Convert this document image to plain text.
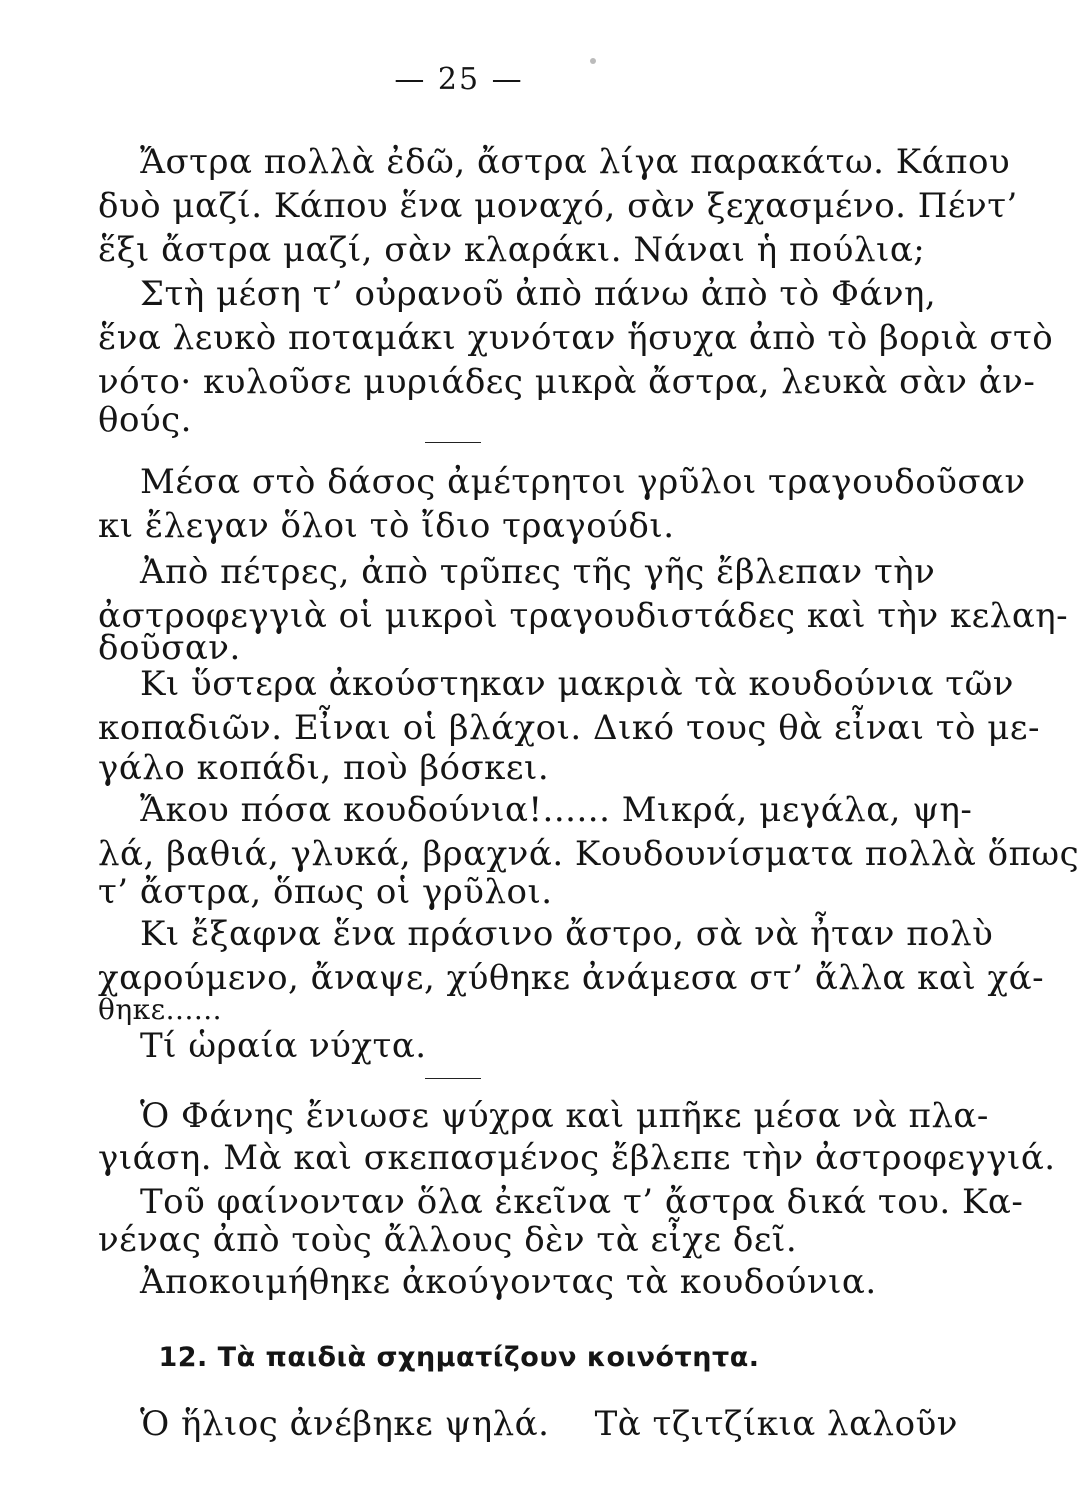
— 25 —
Ἄστρα πολλὰ ἐδῶ, ἄστρα λίγα παρακάτω. Κάπου
δυὸ μαζί. Κάπου ἕνα μοναχό, σὰν ξεχασμένο. Πέντ’
ἕξι ἄστρα μαζί, σὰν κλαράκι. Νάναι ἡ πούλια;
Στὴ μέση τ’ οὐρανοῦ ἀπὸ πάνω ἀπὸ τὸ Φάνη,
ἕνα λευκὸ ποταμάκι χυνόταν ἥσυχα ἀπὸ τὸ βοριὰ στὸ
νότο· κυλοῦσε μυριάδες μικρὰ ἄστρα, λευκὰ σὰν ἀν-
θούς.
Μέσα στὸ δάσος ἀμέτρητοι γρῦλοι τραγουδοῦσαν
κι ἔλεγαν ὅλοι τὸ ἴδιο τραγούδι.
Ἀπὸ πέτρες, ἀπὸ τρῦπες τῆς γῆς ἔβλεπαν τὴν
ἀστροφεγγιὰ οἱ μικροὶ τραγουδιστάδες καὶ τὴν κελαη-
δοῦσαν.
Κι ὕστερα ἀκούστηκαν μακριὰ τὰ κουδούνια τῶν
κοπαδιῶν. Εἶναι οἱ βλάχοι. Δικό τους θὰ εἶναι τὸ με-
γάλο κοπάδι, ποὺ βόσκει.
Ἄκου πόσα κουδούνια!...... Μικρά, μεγάλα, ψη-
λά, βαθιά, γλυκά, βραχνά. Κουδουνίσματα πολλὰ ὅπως
τ’ ἄστρα, ὅπως οἱ γρῦλοι.
Κι ἔξαφνα ἕνα πράσινο ἄστρο, σὰ νὰ ἦταν πολὺ
χαρούμενο, ἄναψε, χύθηκε ἀνάμεσα στ’ ἄλλα καὶ χά-
θηκε......
Τί ὡραία νύχτα.
Ὁ Φάνης ἔνιωσε ψύχρα καὶ μπῆκε μέσα νὰ πλα-
γιάση. Μὰ καὶ σκεπασμένος ἔβλεπε τὴν ἀστροφεγγιά.
Τοῦ φαίνονταν ὅλα ἐκεῖνα τ’ ἄστρα δικά του. Κα-
νένας ἀπὸ τοὺς ἄλλους δὲν τὰ εἶχε δεῖ.
Ἀποκοιμήθηκε ἀκούγοντας τὰ κουδούνια.
12. Τὰ παιδιὰ σχηματίζουν κοινότητα.
Ὁ ἥλιος ἀνέβηκε ψηλά.    Τὰ τζιτζίκια λαλοῦν
